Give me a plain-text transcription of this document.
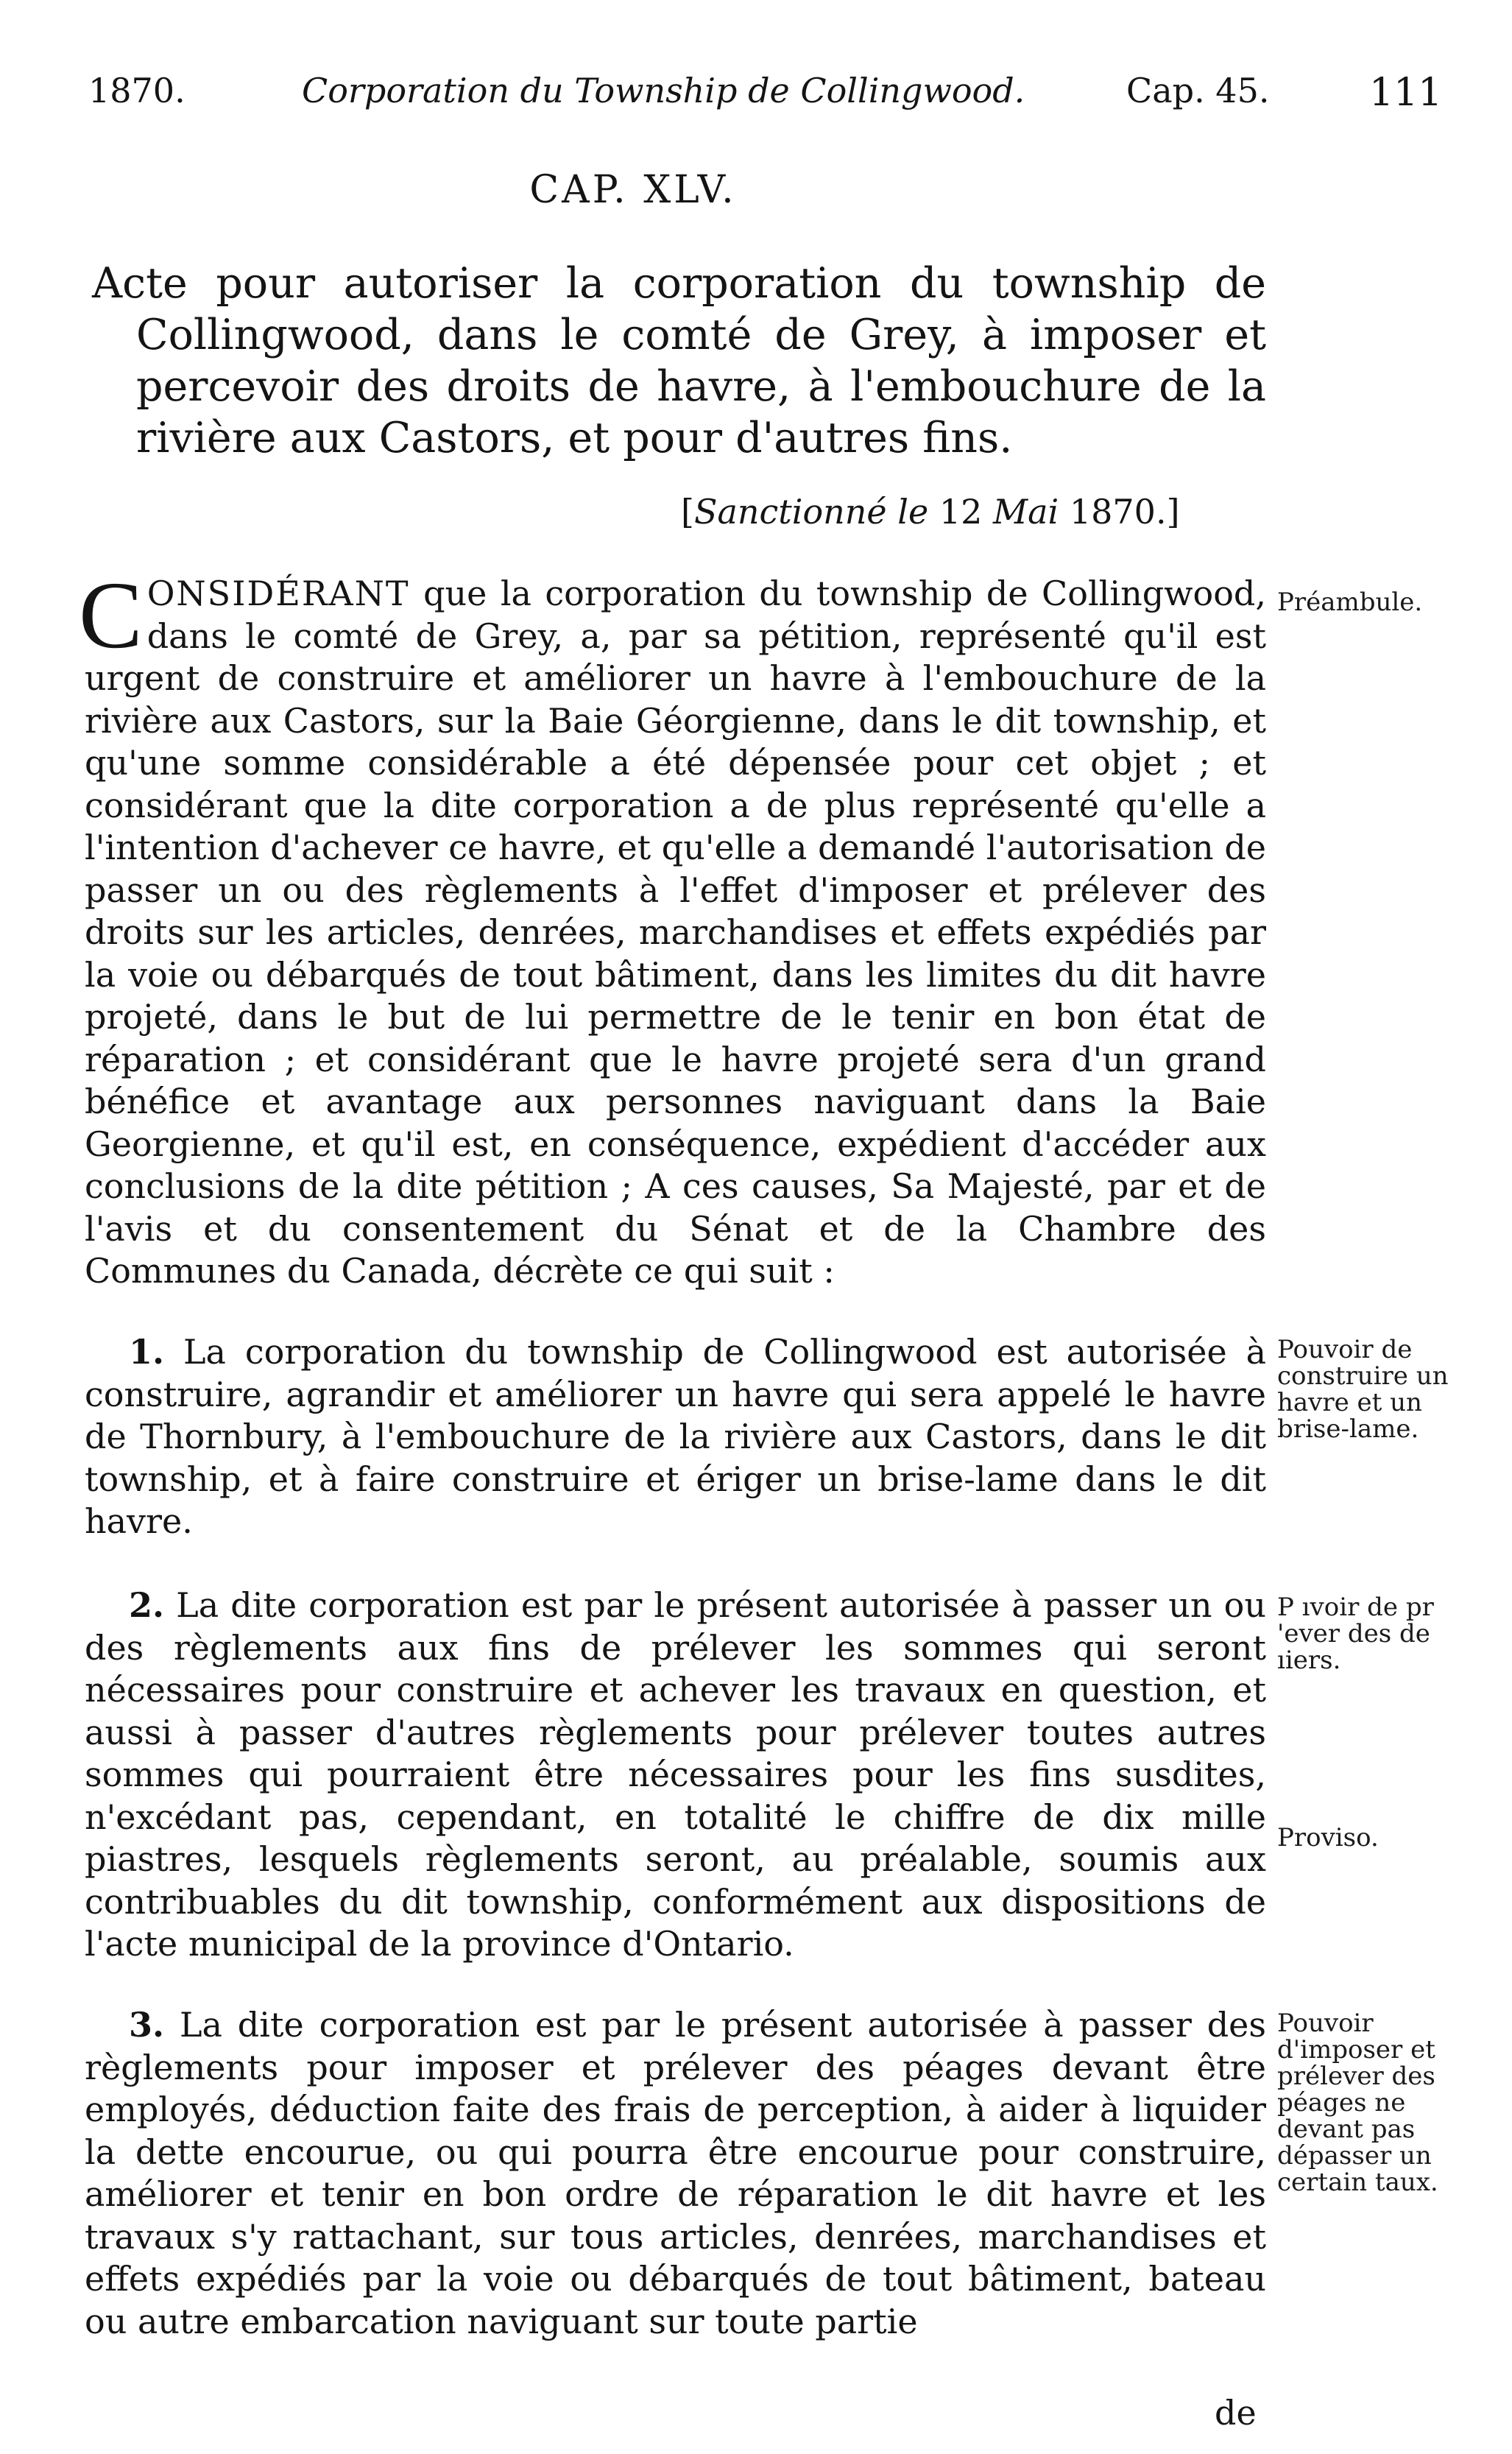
1870.	Corporation du Township de Collingwood.	Cap. 45.	111
CAP. XLV.
Acte pour autoriser la corporation du township de Collingwood, dans le comté de Grey, à imposer et percevoir des droits de havre, à l'embouchure de la rivière aux Castors, et pour d'autres fins.
[Sanctionné le 12 Mai 1870.]

CONSIDÉRANT que la corporation du township de Collingwood, dans le comté de Grey, a, par sa pétition, représenté qu'il est urgent de construire et améliorer un havre à l'embouchure de la rivière aux Castors, sur la Baie Géorgienne, dans le dit township, et qu'une somme considérable a été dépensée pour cet objet ; et considérant que la dite corporation a de plus représenté qu'elle a l'intention d'achever ce havre, et qu'elle a demandé l'autorisation de passer un ou des règlements à l'effet d'imposer et prélever des droits sur les articles, denrées, marchandises et effets expédiés par la voie ou débarqués de tout bâtiment, dans les limites du dit havre projeté, dans le but de lui permettre de le tenir en bon état de réparation ; et considérant que le havre projeté sera d'un grand bénéfice et avantage aux personnes naviguant dans la Baie Georgienne, et qu'il est, en conséquence, expédient d'accéder aux conclusions de la dite pétition ; A ces causes, Sa Majesté, par et de l'avis et du consentement du Sénat et de la Chambre des Communes du Canada, décrète ce qui suit :

1. La corporation du township de Collingwood est autorisée à construire, agrandir et améliorer un havre qui sera appelé le havre de Thornbury, à l'embouchure de la rivière aux Castors, dans le dit township, et à faire construire et ériger un brise-lame dans le dit havre.

2. La dite corporation est par le présent autorisée à passer un ou des règlements aux fins de prélever les sommes qui seront nécessaires pour construire et achever les travaux en question, et aussi à passer d'autres règlements pour prélever toutes autres sommes qui pourraient être nécessaires pour les fins susdites, n'excédant pas, cependant, en totalité le chiffre de dix mille piastres, lesquels règlements seront, au préalable, soumis aux contribuables du dit township, conformément aux dispositions de l'acte municipal de la province d'Ontario.

3. La dite corporation est par le présent autorisée à passer des règlements pour imposer et prélever des péages devant être employés, déduction faite des frais de perception, à aider à liquider la dette encourue, ou qui pourra être encourue pour construire, améliorer et tenir en bon ordre de réparation le dit havre et les travaux s'y rattachant, sur tous articles, denrées, marchandises et effets expédiés par la voie ou débarqués de tout bâtiment, bateau ou autre embarcation naviguant sur toute partie

Préambule.
Pouvoir de construire un havre et un brise-lame.
P ıvoir de pr 'ever des de ıiers.
Proviso.
Pouvoir d'imposer et prélever des péages ne devant pas dépasser un certain taux.
de
